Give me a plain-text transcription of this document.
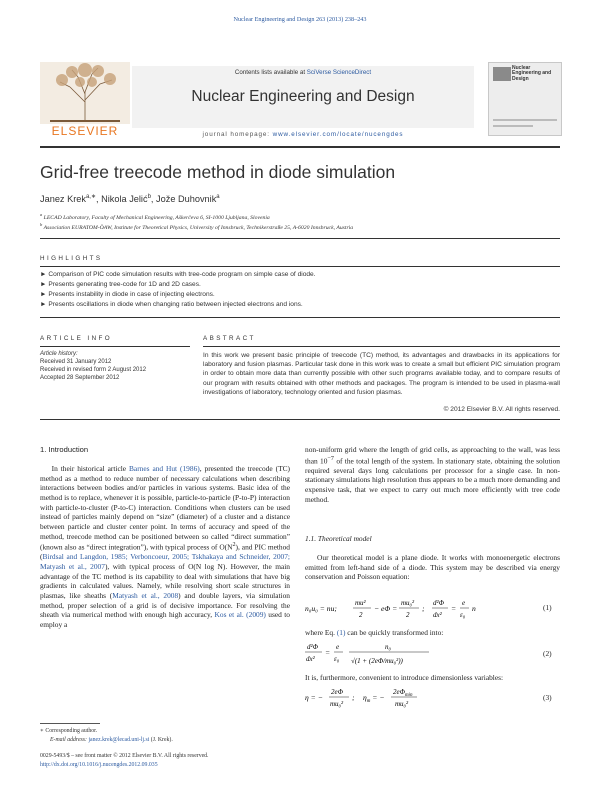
Nuclear Engineering and Design 263 (2013) 238–243
ELSEVIER
Contents lists available at SciVerse ScienceDirect
Nuclear Engineering and Design
journal homepage: www.elsevier.com/locate/nucengdes
Nuclear Engineering and Design
Grid-free treecode method in diode simulation
Janez Krek$^{a,∗}$, Nikola Jelić$^b$, Jože Duhovnik$^a$
$^a$ LECAD Laboratory, Faculty of Mechanical Engineering, Aškerčeva 6, SI-1000 Ljubljana, Slovenia
$^b$ Association EURATOM-ÖAW, Institute for Theoretical Physics, University of Innsbruck, Technikerstraße 25, A-6020 Innsbruck, Austria
HIGHLIGHTS
► Comparison of PIC code simulation results with tree-code program on simple case of diode.
► Presents generating tree-code for 1D and 2D cases.
► Presents instability in diode in case of injecting electrons.
► Presents oscillations in diode when changing ratio between injected electrons and ions.
ARTICLE INFO
Article history:
Received 31 January 2012
Received in revised form 2 August 2012
Accepted 28 September 2012
ABSTRACT
In this work we present basic principle of treecode (TC) method, its advantages and drawbacks in its applications for laboratory and fusion plasmas. Particular task done in this work was to create a small but efficient PIC simulation program in order to obtain more data than currently possible with other such programs available today, and to compare results of our program with results obtained with other methods and packages. The program is intended to be used in plasma-wall investigations of laboratory, technology oriented and fusion plasmas.
© 2012 Elsevier B.V. All rights reserved.
1. Introduction

In their historical article Barnes and Hut (1986), presented the treecode (TC) method as a method to reduce number of necessary calculations when describing interactions between bodies and/or particles in various systems. Basic idea of the method is to replace, whenever it is possible, particle-to-particle (P-to-P) interaction with particle-to-cluster (P-to-C) interaction. Conditions when clusters can be used instead of particles mainly depend on “size” (diameter) of a cluster and a distance between particle and cluster center point. In terms of accuracy and speed of the method, treecode method can be positioned between so called “direct summation” (known also as “direct integration”), with typical process of $O(N^2)$, and PIC method (Birdsal and Langdon, 1985; Verboncoeur, 2005; Tskhakaya and Schneider, 2007; Matyash et al., 2007), with typical process of O(N log N). However, the main advantage of the TC method is its capability to deal with simulations that have big gradients in calculated values. Namely, while resolving short scale structures in plasmas, like sheaths (Matyash et al., 2008) and double layers, via simulation method, proper selection of a grid is of decisive importance. For resolving the sheath via numerical method with enough high accuracy, Kos et al. (2009) used to employ a

non-uniform grid where the length of grid cells, as approaching to the wall, was less than $10^{-7}$ of the total length of the system. In stationary state, obtaining the solution required several days long calculations per processor for a single case. In non-stationary simulations high resolution thus appears to be a much more demanding and expensive task, that we expect to carry out much more efficiently with tree code method.

1.1. Theoretical model

Our theoretical model is a plane diode. It works with monoenergetic electrons emitted from left-hand side of a diode. This system may be described via energy conservation and Poisson equation:

n₀u₀ = nu;
mu²
2
− eΦ =
mu₀²
2
;
d²Φ
dx²
=
e
ε₀
n	(1)

where Eq. (1) can be quickly transformed into:

d²Φ
dx²
=
e
ε₀
n₀
√(1 + (2eΦ/mu₀²))
(2)
It is, furthermore, convenient to introduce dimensionless variables:
η = −
2eΦ
mu₀²
; $\eta_m$ = −
$2e\Phi_{min}$
mu₀²
(3)
∗ Corresponding author.
E-mail address: janez.krek@lecad.uni-lj.si (J. Krek).
0029-5493/$ – see front matter © 2012 Elsevier B.V. All rights reserved.
http://dx.doi.org/10.1016/j.nucengdes.2012.09.035
